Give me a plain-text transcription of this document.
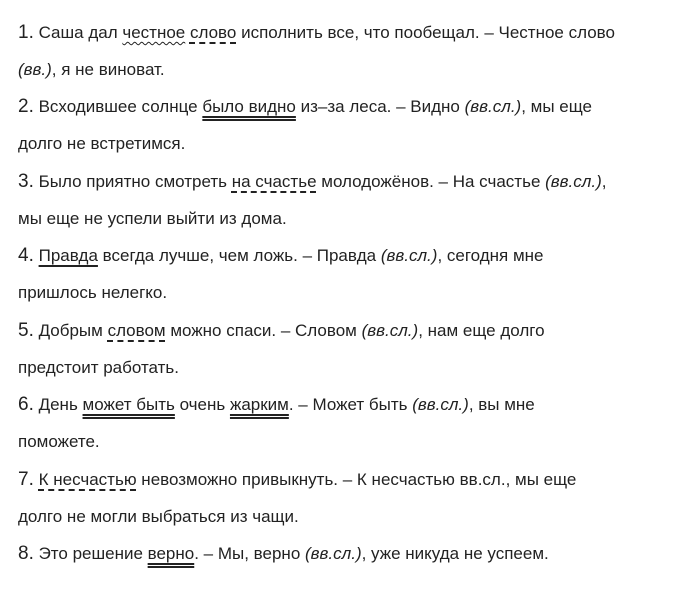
1. Саша дал честное слово исполнить все, что пообещал. – Честное слово
(вв.), я не виноват.
2. Всходившее солнце было видно из–за леса. – Видно (вв.сл.), мы еще
долго не встретимся.
3. Было приятно смотреть на счастье молодожёнов. – На счастье (вв.сл.),
мы еще не успели выйти из дома.
4. Правда всегда лучше, чем ложь. – Правда (вв.сл.), сегодня мне
пришлось нелегко.
5. Добрым словом можно спаси. – Словом (вв.сл.), нам еще долго
предстоит работать.
6. День может быть очень жарким. – Может быть (вв.сл.), вы мне
поможете.
7. К несчастью невозможно привыкнуть. – К несчастью вв.сл., мы еще
долго не могли выбраться из чащи.
8. Это решение верно. – Мы, верно (вв.сл.), уже никуда не успеем.
